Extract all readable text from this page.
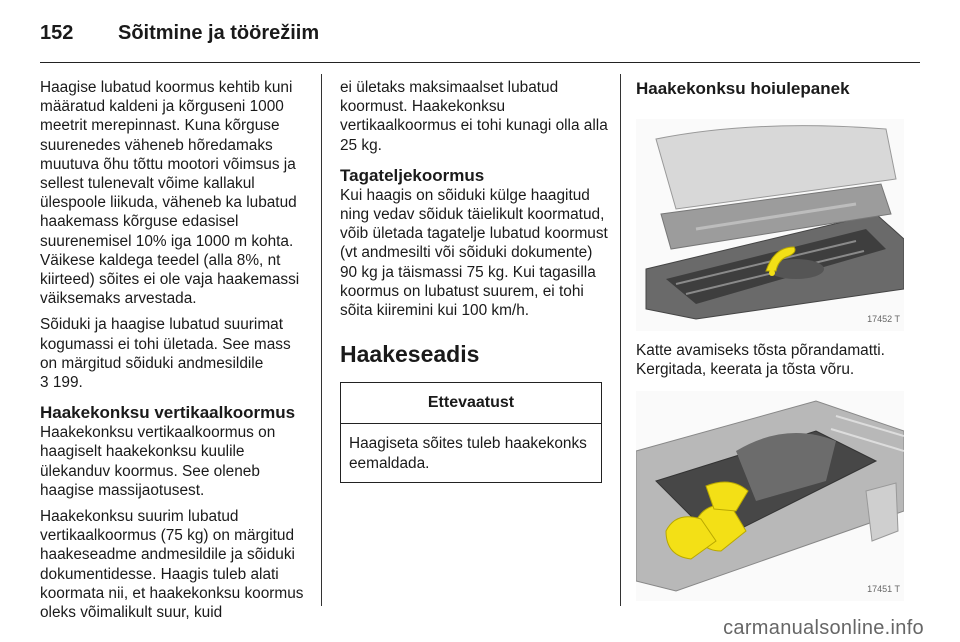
152 Sõitmine ja töörežiim

Haagise lubatud koormus kehtib kuni määratud kaldeni ja kõrguseni 1000 meetrit merepinnast. Kuna kõrguse suurenedes väheneb hõredamaks muutuva õhu tõttu mootori võimsus ja sellest tulenevalt võime kallakul ülespoole liikuda, väheneb ka lubatud haakemass kõrguse edasisel suurenemisel 10% iga 1000 m kohta. Väikese kaldega teedel (alla 8%, nt kiirteed) sõites ei ole vaja haakemassi väiksemaks arvestada.

Sõiduki ja haagise lubatud suurimat kogumassi ei tohi ületada. See mass on märgitud sõiduki andmesildile
3 199.

Haakekonksu vertikaalkoormus

Haakekonksu vertikaalkoormus on haagiselt haakekonksu kuulile ülekanduv koormus. See oleneb haagise massijaotusest.

Haakekonksu suurim lubatud vertikaalkoormus (75 kg) on märgitud haakeseadme andmesildile ja sõiduki dokumentidesse. Haagis tuleb alati koormata nii, et haakekonksu koormus oleks võimalikult suur, kuid

ei ületaks maksimaalset lubatud koormust. Haakekonksu vertikaalkoormus ei tohi kunagi olla alla 25 kg.

Tagateljekoormus

Kui haagis on sõiduki külge haagitud ning vedav sõiduk täielikult koormatud, võib ületada tagatelje lubatud koormust (vt andmesilti või sõiduki dokumente) 90 kg ja täismassi 75 kg. Kui tagasilla koormus on lubatust suurem, ei tohi sõita kiiremini kui 100 km/h.

Haakeseadis
Ettevaatust
Haagiseta sõites tuleb haakekonks eemaldada.
Haakekonksu hoiulepanek
17452 T

Katte avamiseks tõsta põrandamatti. Kergitada, keerata ja tõsta võru.

17451 T
carmanualsonline.info
